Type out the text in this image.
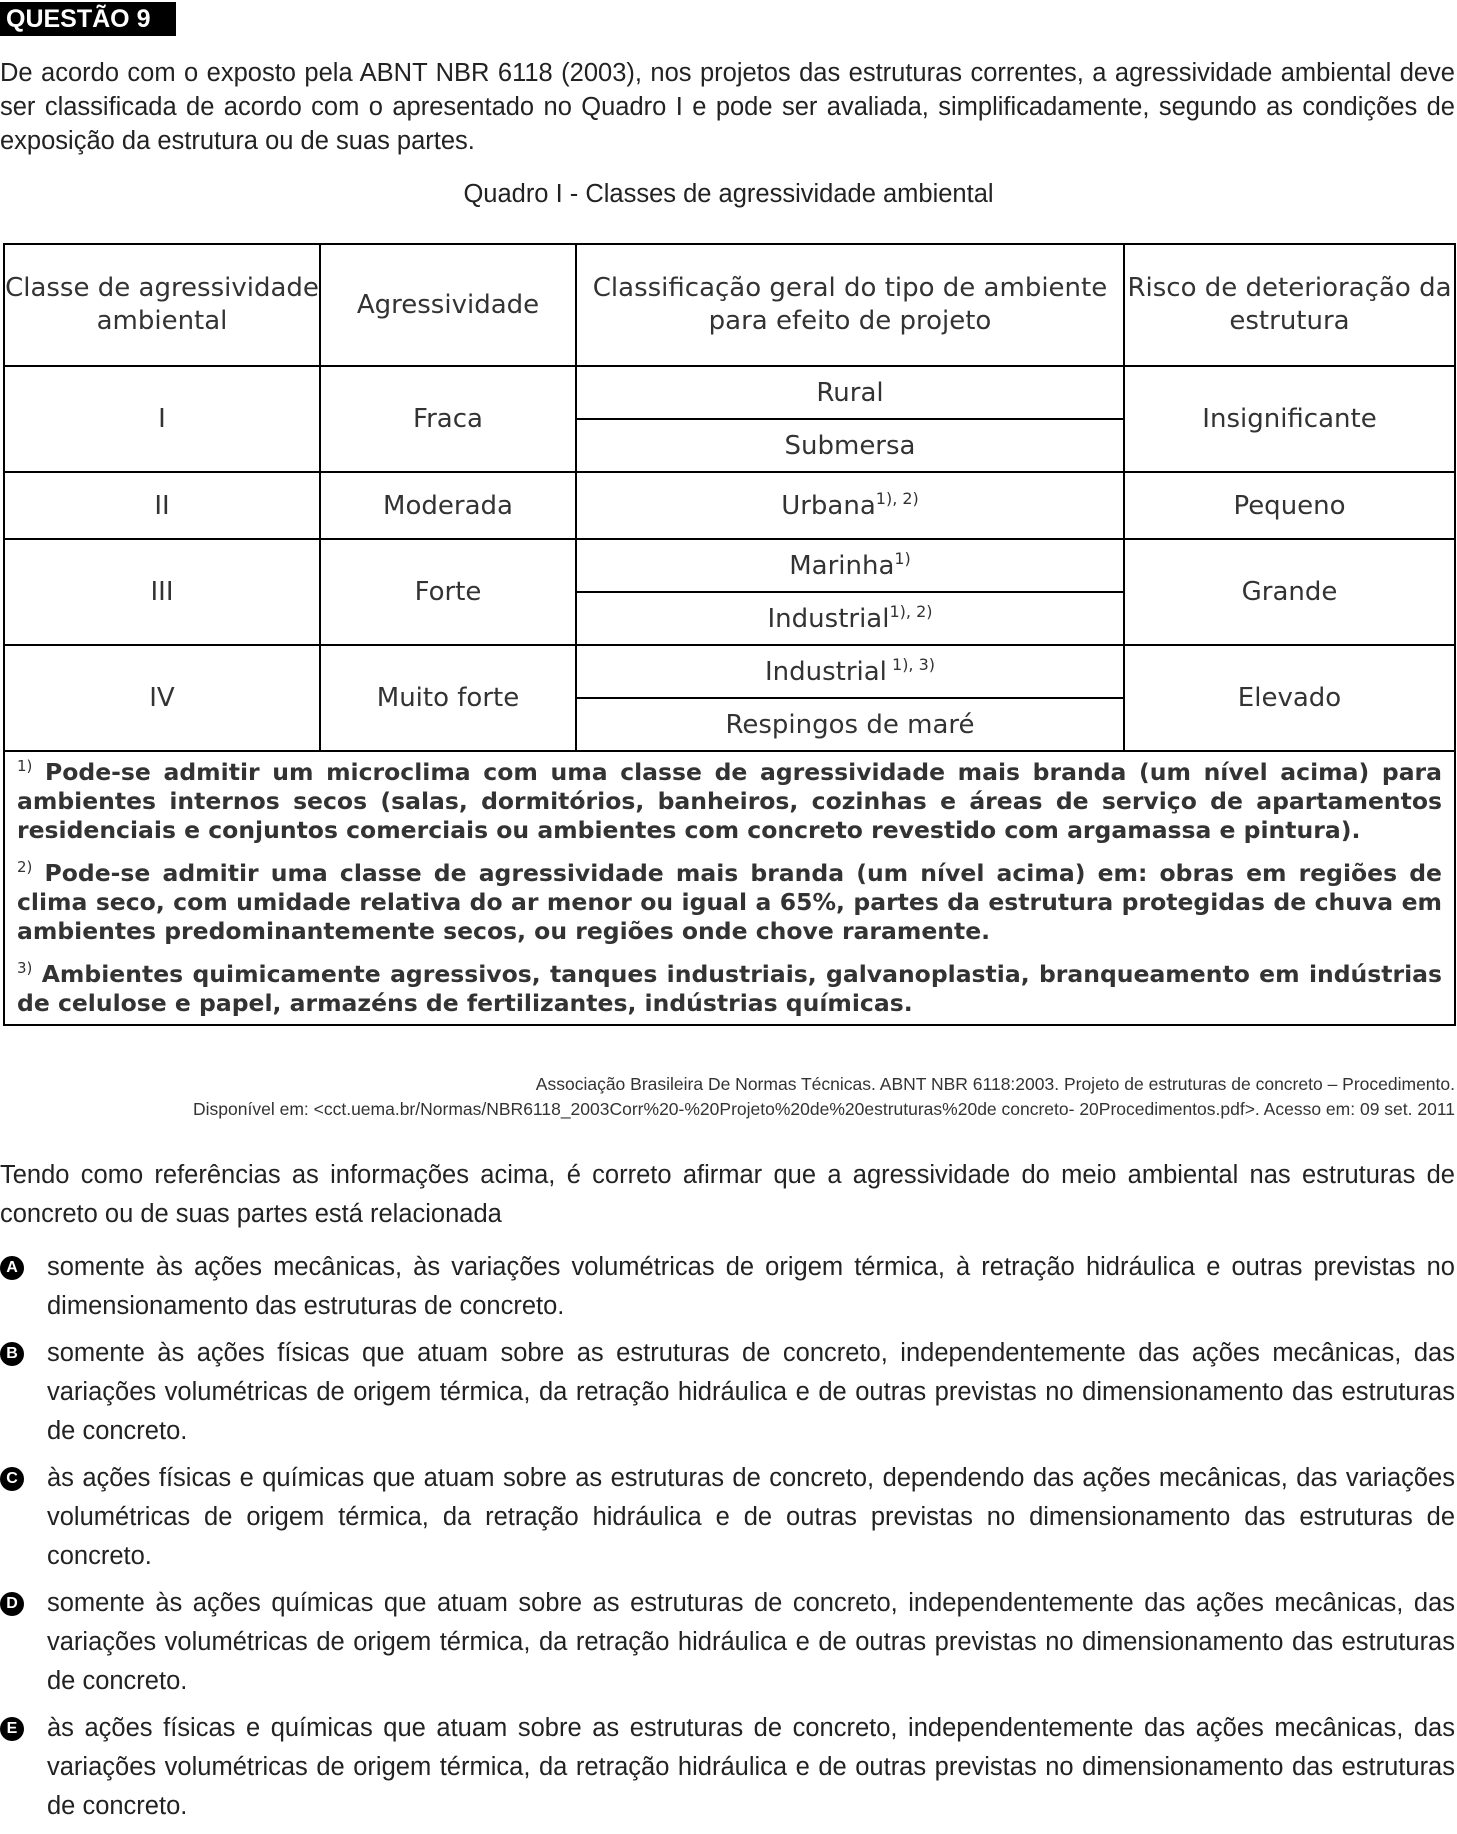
QUESTÃO 9

De acordo com o exposto pela ABNT NBR 6118 (2003), nos projetos das estruturas correntes, a agressividade ambiental deve ser classificada de acordo com o apresentado no Quadro I e pode ser avaliada, simplificadamente, segundo as condições de exposição da estrutura ou de suas partes.

Quadro I - Classes de agressividade ambiental
Classe de agressividade ambiental	Agressividade	Classificação geral do tipo de ambiente para efeito de projeto	Risco de deterioração da estrutura
I	Fraca	Rural	Insignificante
		Submersa	
II	Moderada	Urbana$^{1), 2)}$	Pequeno
III	Forte	Marinha$^{1)}$	Grande
		Industrial$^{1), 2)}$
IV	Muito forte	Industrial $^{1), 3)}$	Elevado
		Respingos de maré	

$^{1)}$ Pode-se admitir um microclima com uma classe de agressividade mais branda (um nível acima) para ambientes internos secos (salas, dormitórios, banheiros, cozinhas e áreas de serviço de apartamentos residenciais e conjuntos comerciais ou ambientes com concreto revestido com argamassa e pintura).

$^{2)}$ Pode-se admitir uma classe de agressividade mais branda (um nível acima) em: obras em regiões de clima seco, com umidade relativa do ar menor ou igual a 65%, partes da estrutura protegidas de chuva em ambientes predominantemente secos, ou regiões onde chove raramente.

$^{3)}$ Ambientes quimicamente agressivos, tanques industriais, galvanoplastia, branqueamento em indústrias de celulose e papel, armazéns de fertilizantes, indústrias químicas.			

Associação Brasileira De Normas Técnicas. ABNT NBR 6118:2003. Projeto de estruturas de concreto – Procedimento.
Disponível em: <cct.uema.br/Normas/NBR6118_2003Corr%20-%20Projeto%20de%20estruturas%20de concreto- 20Procedimentos.pdf>. Acesso em: 09 set. 2011

Tendo como referências as informações acima, é correto afirmar que a agressividade do meio ambiental nas estruturas de concreto ou de suas partes está relacionada

A somente às ações mecânicas, às variações volumétricas de origem térmica, à retração hidráulica e outras previstas no dimensionamento das estruturas de concreto.
B somente às ações físicas que atuam sobre as estruturas de concreto, independentemente das ações mecânicas, das variações volumétricas de origem térmica, da retração hidráulica e de outras previstas no dimensionamento das estruturas de concreto.
C às ações físicas e químicas que atuam sobre as estruturas de concreto, dependendo das ações mecânicas, das variações volumétricas de origem térmica, da retração hidráulica e de outras previstas no dimensionamento das estruturas de concreto.
D somente às ações químicas que atuam sobre as estruturas de concreto, independentemente das ações mecânicas, das variações volumétricas de origem térmica, da retração hidráulica e de outras previstas no dimensionamento das estruturas de concreto.
E às ações físicas e químicas que atuam sobre as estruturas de concreto, independentemente das ações mecânicas, das variações volumétricas de origem térmica, da retração hidráulica e de outras previstas no dimensionamento das estruturas de concreto.
